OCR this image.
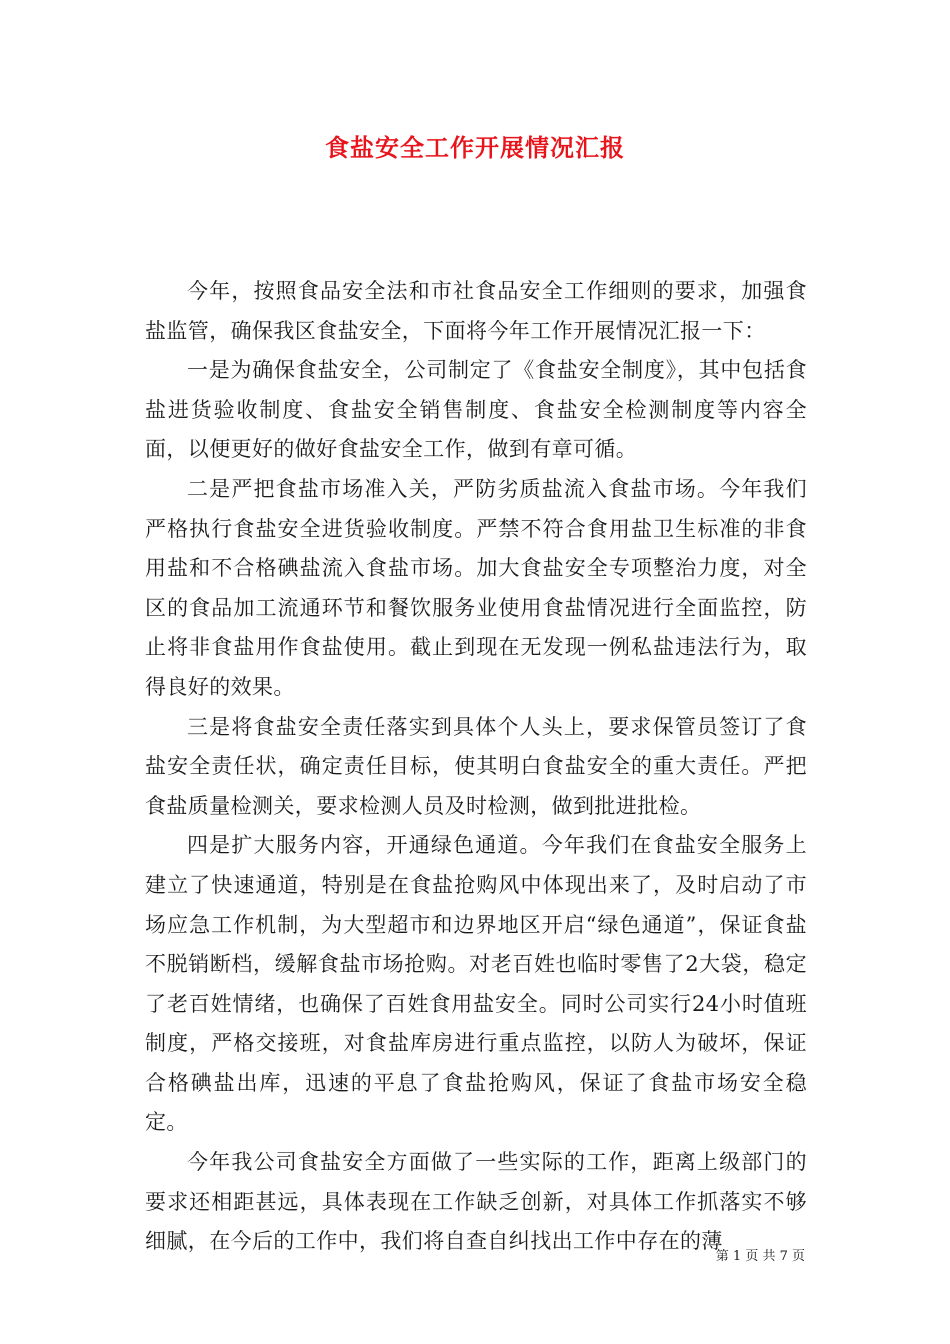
食盐安全工作开展情况汇报

今年，按照食品安全法和市社食品安全工作细则的要求，加强食盐监管，确保我区食盐安全，下面将今年工作开展情况汇报一下：

一是为确保食盐安全，公司制定了《食盐安全制度》，其中包括食盐进货验收制度、食盐安全销售制度、食盐安全检测制度等内容全面，以便更好的做好食盐安全工作，做到有章可循。

二是严把食盐市场准入关，严防劣质盐流入食盐市场。今年我们严格执行食盐安全进货验收制度。严禁不符合食用盐卫生标准的非食用盐和不合格碘盐流入食盐市场。加大食盐安全专项整治力度，对全区的食品加工流通环节和餐饮服务业使用食盐情况进行全面监控，防止将非食盐用作食盐使用。截止到现在无发现一例私盐违法行为，取得良好的效果。

三是将食盐安全责任落实到具体个人头上，要求保管员签订了食盐安全责任状，确定责任目标，使其明白食盐安全的重大责任。严把食盐质量检测关，要求检测人员及时检测，做到批进批检。

四是扩大服务内容，开通绿色通道。今年我们在食盐安全服务上建立了快速通道，特别是在食盐抢购风中体现出来了，及时启动了市场应急工作机制，为大型超市和边界地区开启“绿色通道”，保证食盐不脱销断档，缓解食盐市场抢购。对老百姓也临时零售了2大袋，稳定了老百姓情绪，也确保了百姓食用盐安全。同时公司实行24小时值班制度，严格交接班，对食盐库房进行重点监控，以防人为破坏，保证合格碘盐出库，迅速的平息了食盐抢购风，保证了食盐市场安全稳定。

今年我公司食盐安全方面做了一些实际的工作，距离上级部门的要求还相距甚远，具体表现在工作缺乏创新，对具体工作抓落实不够细腻，在今后的工作中，我们将自查自纠找出工作中存在的薄

第 1 页 共 7 页
